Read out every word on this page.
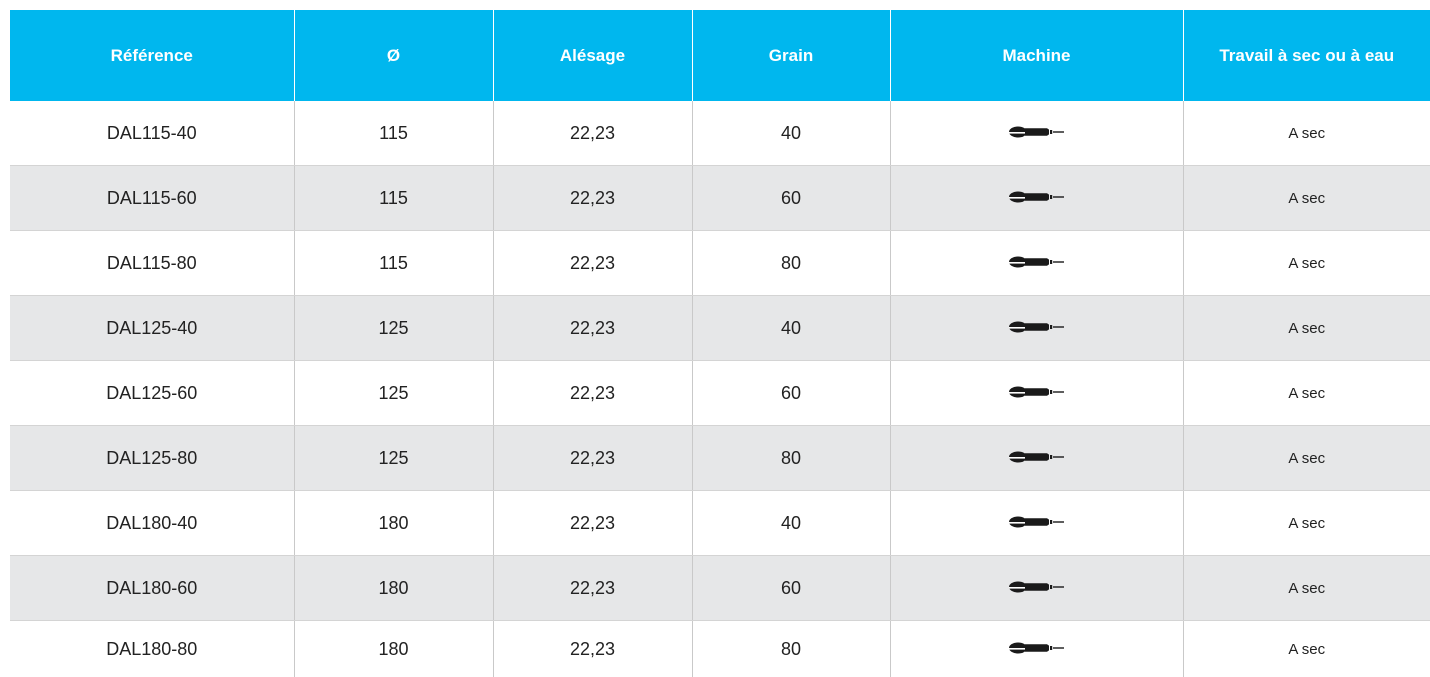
Référence	Ø	Alésage	Grain	Machine	Travail à sec ou à eau
DAL115-40	115	22,23	40		A sec
DAL115-60	115	22,23	60		A sec
DAL115-80	115	22,23	80		A sec
DAL125-40	125	22,23	40		A sec
DAL125-60	125	22,23	60		A sec
DAL125-80	125	22,23	80		A sec
DAL180-40	180	22,23	40		A sec
DAL180-60	180	22,23	60		A sec
DAL180-80	180	22,23	80		A sec
